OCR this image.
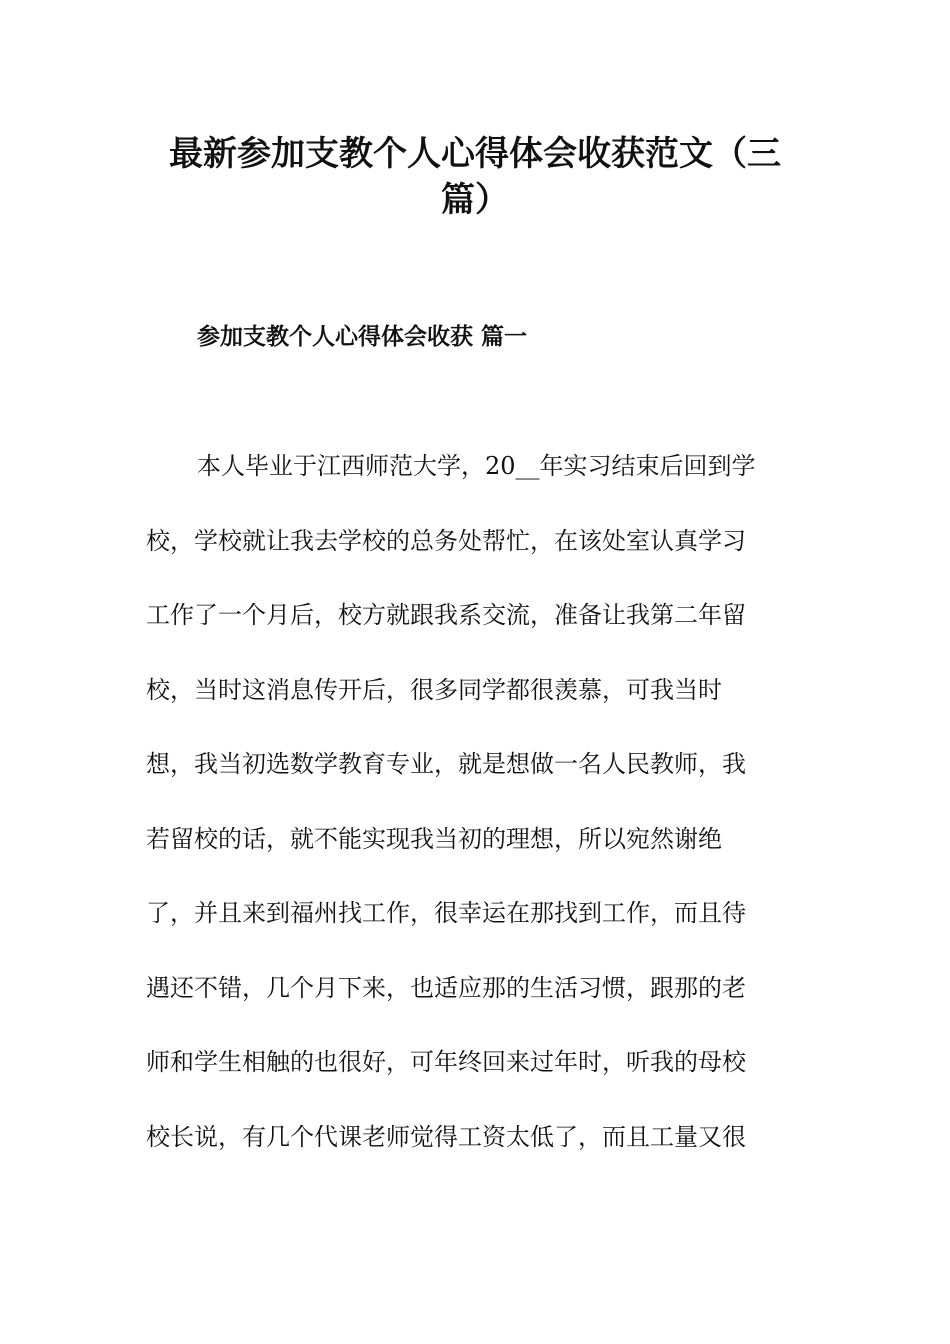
最新参加支教个人心得体会收获范文（三
篇）
参加支教个人心得体会收获 篇一
本人毕业于江西师范大学，20__年实习结束后回到学
校，学校就让我去学校的总务处帮忙，在该处室认真学习
工作了一个月后，校方就跟我系交流，准备让我第二年留
校，当时这消息传开后，很多同学都很羡慕，可我当时
想，我当初选数学教育专业，就是想做一名人民教师，我
若留校的话，就不能实现我当初的理想，所以宛然谢绝
了，并且来到福州找工作，很幸运在那找到工作，而且待
遇还不错，几个月下来，也适应那的生活习惯，跟那的老
师和学生相触的也很好，可年终回来过年时，听我的母校
校长说，有几个代课老师觉得工资太低了，而且工量又很
